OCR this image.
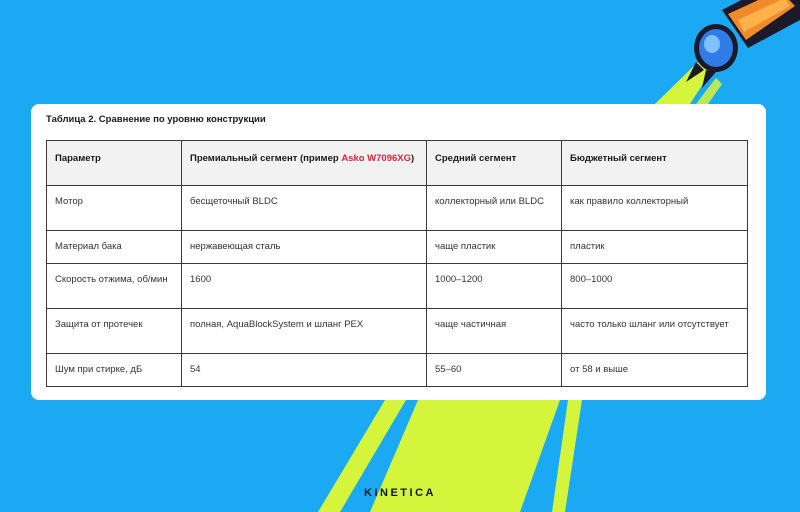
Таблица 2. Сравнение по уровню конструкции
Параметр	Премиальный сегмент (пример Asko W7096XG)	Средний сегмент	Бюджетный сегмент
Мотор	бесщеточный BLDC	коллекторный или BLDC	как правило коллекторный
Материал бака	нержавеющая сталь	чаще пластик	пластик
Скорость отжима, об/мин	1600	1000–1200	800–1000
Защита от протечек	полная, AquaBlockSystem и шланг PEX	чаще частичная	часто только шланг или отсутствует
Шум при стирке, дБ	54	55–60	от 58 и выше
KINETICA
